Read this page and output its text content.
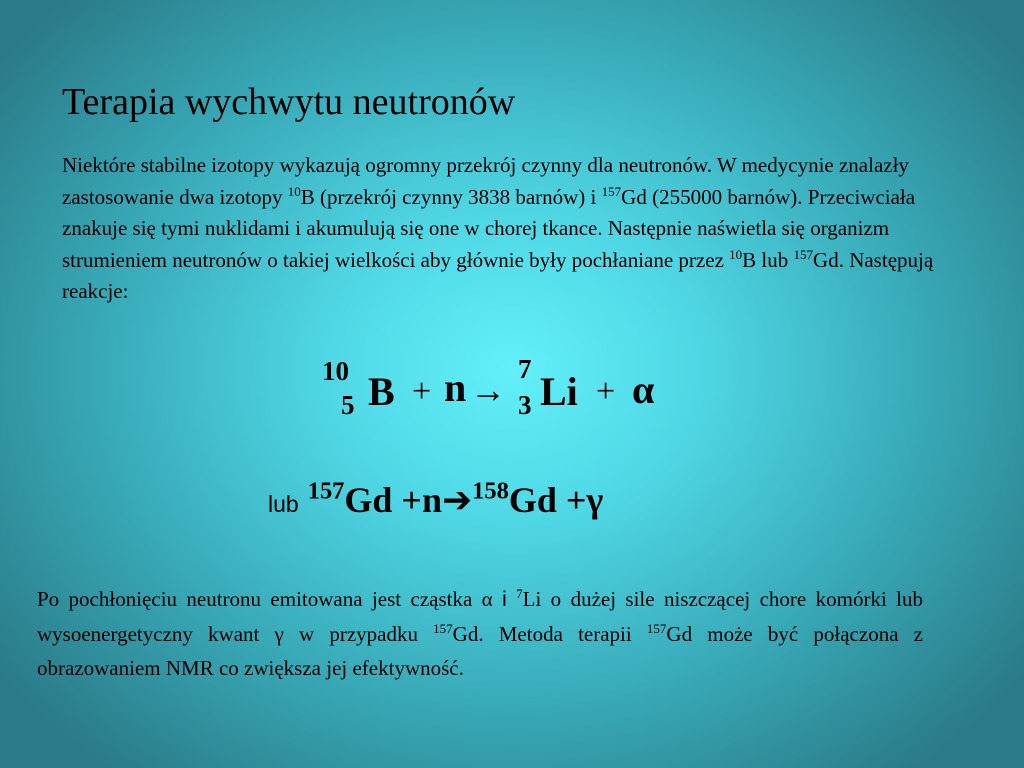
Terapia wychwytu neutronów
Niektóre stabilne izotopy wykazują ogromny przekrój czynny dla neutronów. W medycynie znalazły zastosowanie dwa izotopy $^{10}$B (przekrój czynny 3838 barnów) i $^{157}$Gd (255000 barnów). Przeciwciała znakuje się tymi nuklidami i akumulują się one w chorej tkance. Następnie naświetla się organizm strumieniem neutronów o takiej wielkości aby głównie były pochłaniane przez $^{10}$B lub $^{157}$Gd. Następują reakcje:
10
5 B + n →
7
3 Li + α
lub $^{157}$Gd +n➔$^{158}$Gd +γ
Po pochłonięciu neutronu emitowana jest cząstka α i $^7$Li o dużej sile niszczącej chore komórki lub wysoenergetyczny kwant γ w przypadku $^{157}$Gd. Metoda terapii $^{157}$Gd może być połączona z obrazowaniem NMR co zwiększa jej efektywność.
